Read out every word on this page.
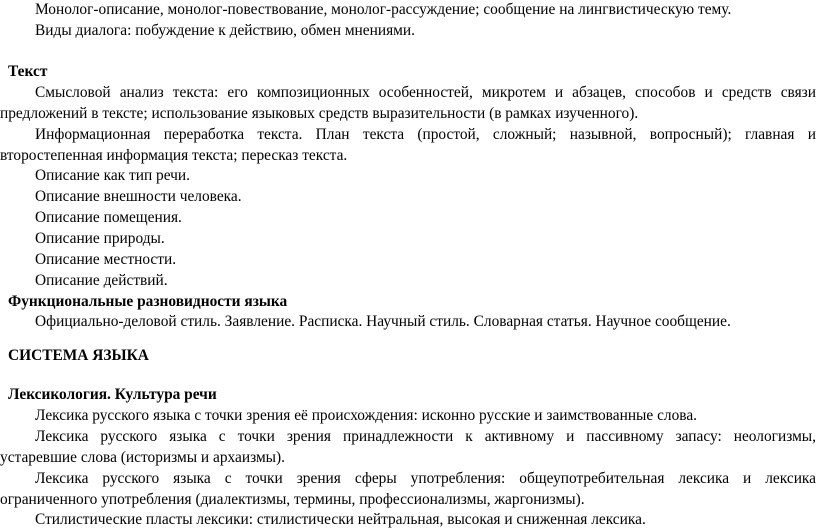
Монолог-описание, монолог-повествование, монолог-рассуждение; сообщение на лингвистическую тему.
Виды диалога: побуждение к действию, обмен мнениями.
Текст
Смысловой анализ текста: его композиционных особенностей, микротем и абзацев, способов и средств связи
предложений в тексте; использование языковых средств выразительности (в рамках изученного).
Информационная переработка текста. План текста (простой, сложный; назывной, вопросный); главная и
второстепенная информация текста; пересказ текста.
Описание как тип речи.
Описание внешности человека.
Описание помещения.
Описание природы.
Описание местности.
Описание действий.
Функциональные разновидности языка
Официально-деловой стиль. Заявление. Расписка. Научный стиль. Словарная статья. Научное сообщение.
СИСТЕМА ЯЗЫКА
Лексикология. Культура речи
Лексика русского языка с точки зрения её происхождения: исконно русские и заимствованные слова.
Лексика русского языка с точки зрения принадлежности к активному и пассивному запасу: неологизмы,
устаревшие слова (историзмы и архаизмы).
Лексика русского языка с точки зрения сферы употребления: общеупотребительная лексика и лексика
ограниченного употребления (диалектизмы, термины, профессионализмы, жаргонизмы).
Стилистические пласты лексики: стилистически нейтральная, высокая и сниженная лексика.
